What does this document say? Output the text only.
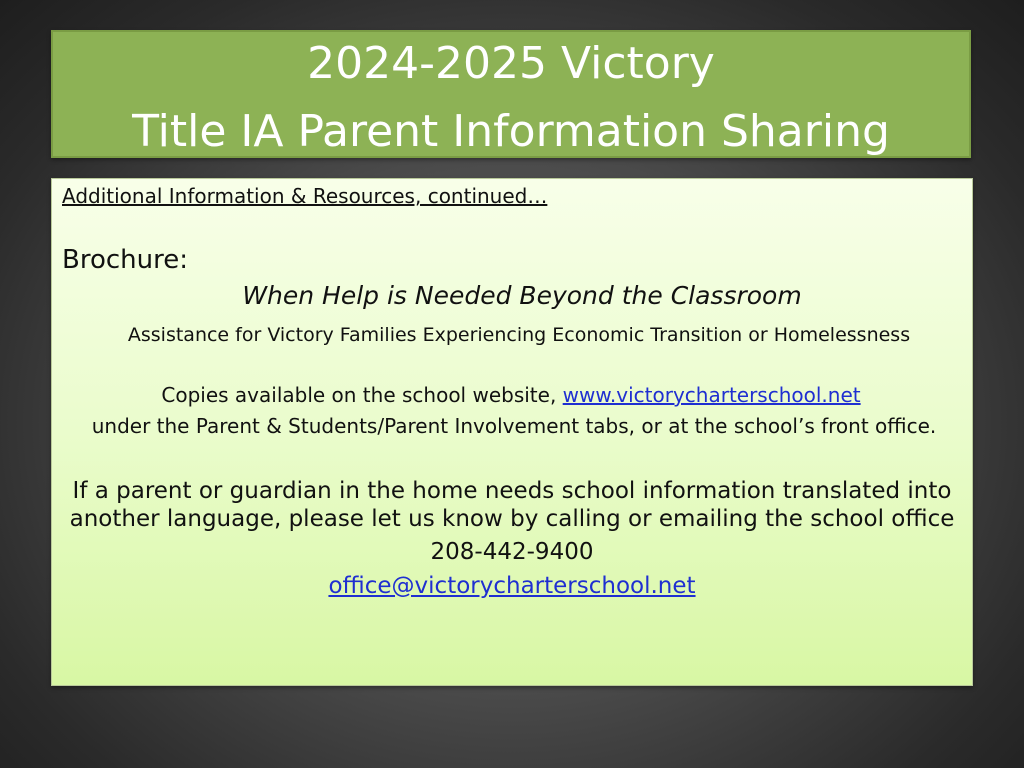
2024-2025 Victory
Title IA Parent Information Sharing
Additional Information & Resources, continued…
Brochure:
When Help is Needed Beyond the Classroom
Assistance for Victory Families Experiencing Economic Transition or Homelessness
Copies available on the school website, www.victorycharterschool.net
under the Parent & Students/Parent Involvement tabs, or at the school’s front office.
If a parent or guardian in the home needs school information translated into
another language, please let us know by calling or emailing the school office
208-442-9400
office@victorycharterschool.net
